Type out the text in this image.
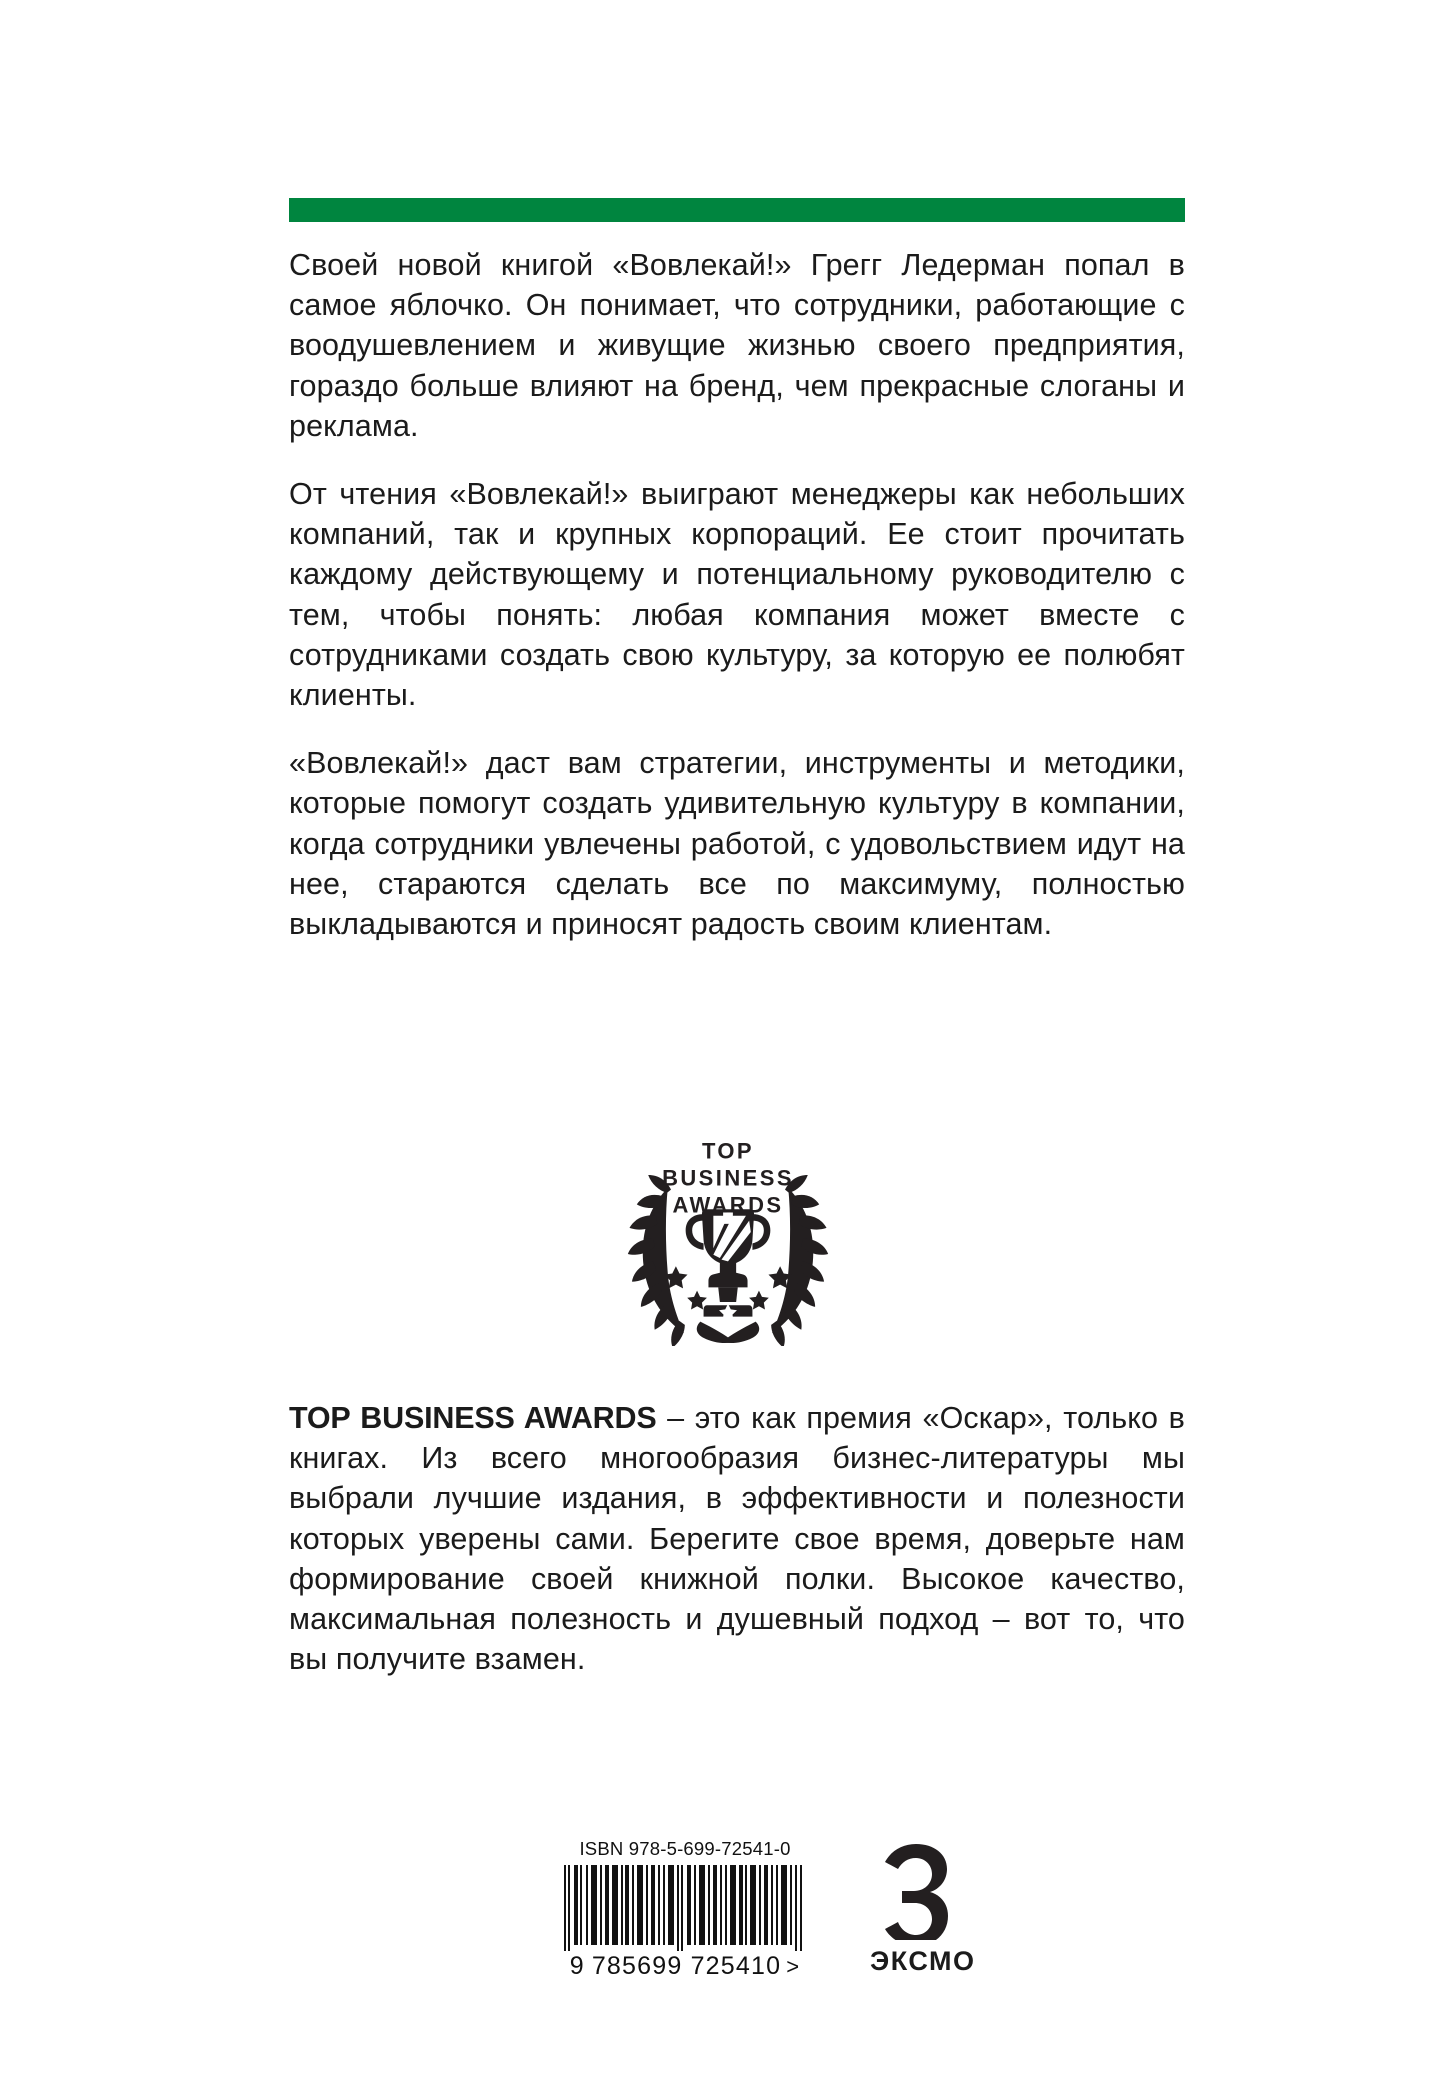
Своей новой книгой «Вовлекай!» Грегг Ледерман попал в самое яблочко. Он понимает, что сотрудники, работающие с воодушевлением и живущие жизнью своего предприятия, гораздо больше влияют на бренд, чем прекрасные слоганы и реклама.

От чтения «Вовлекай!» выиграют менеджеры как небольших компаний, так и крупных корпораций. Ее стоит прочитать каждому действующему и потенциальному руководителю с тем, чтобы понять: любая компания может вместе с сотрудниками создать свою культуру, за которую ее полюбят клиенты.

«Вовлекай!» даст вам стратегии, инструменты и методики, которые помогут создать удивительную культуру в компании, когда сотрудники увлечены работой, с удовольствием идут на нее, стараются сделать все по максимуму, полностью выкладываются и приносят радость своим клиентам.

TOP
BUSINESS
AWARDS

TOP BUSINESS AWARDS – это как премия «Оскар», только в книгах. Из всего многообразия бизнес-литературы мы выбрали лучшие издания, в эффективности и полезности которых уверены сами. Берегите свое время, доверьте нам формирование своей книжной полки. Высокое качество, максимальная полезность и душевный подход – вот то, что вы получите взамен.

ISBN 978-5-699-72541-0
9 785699 725410 >	ЭКСМО
